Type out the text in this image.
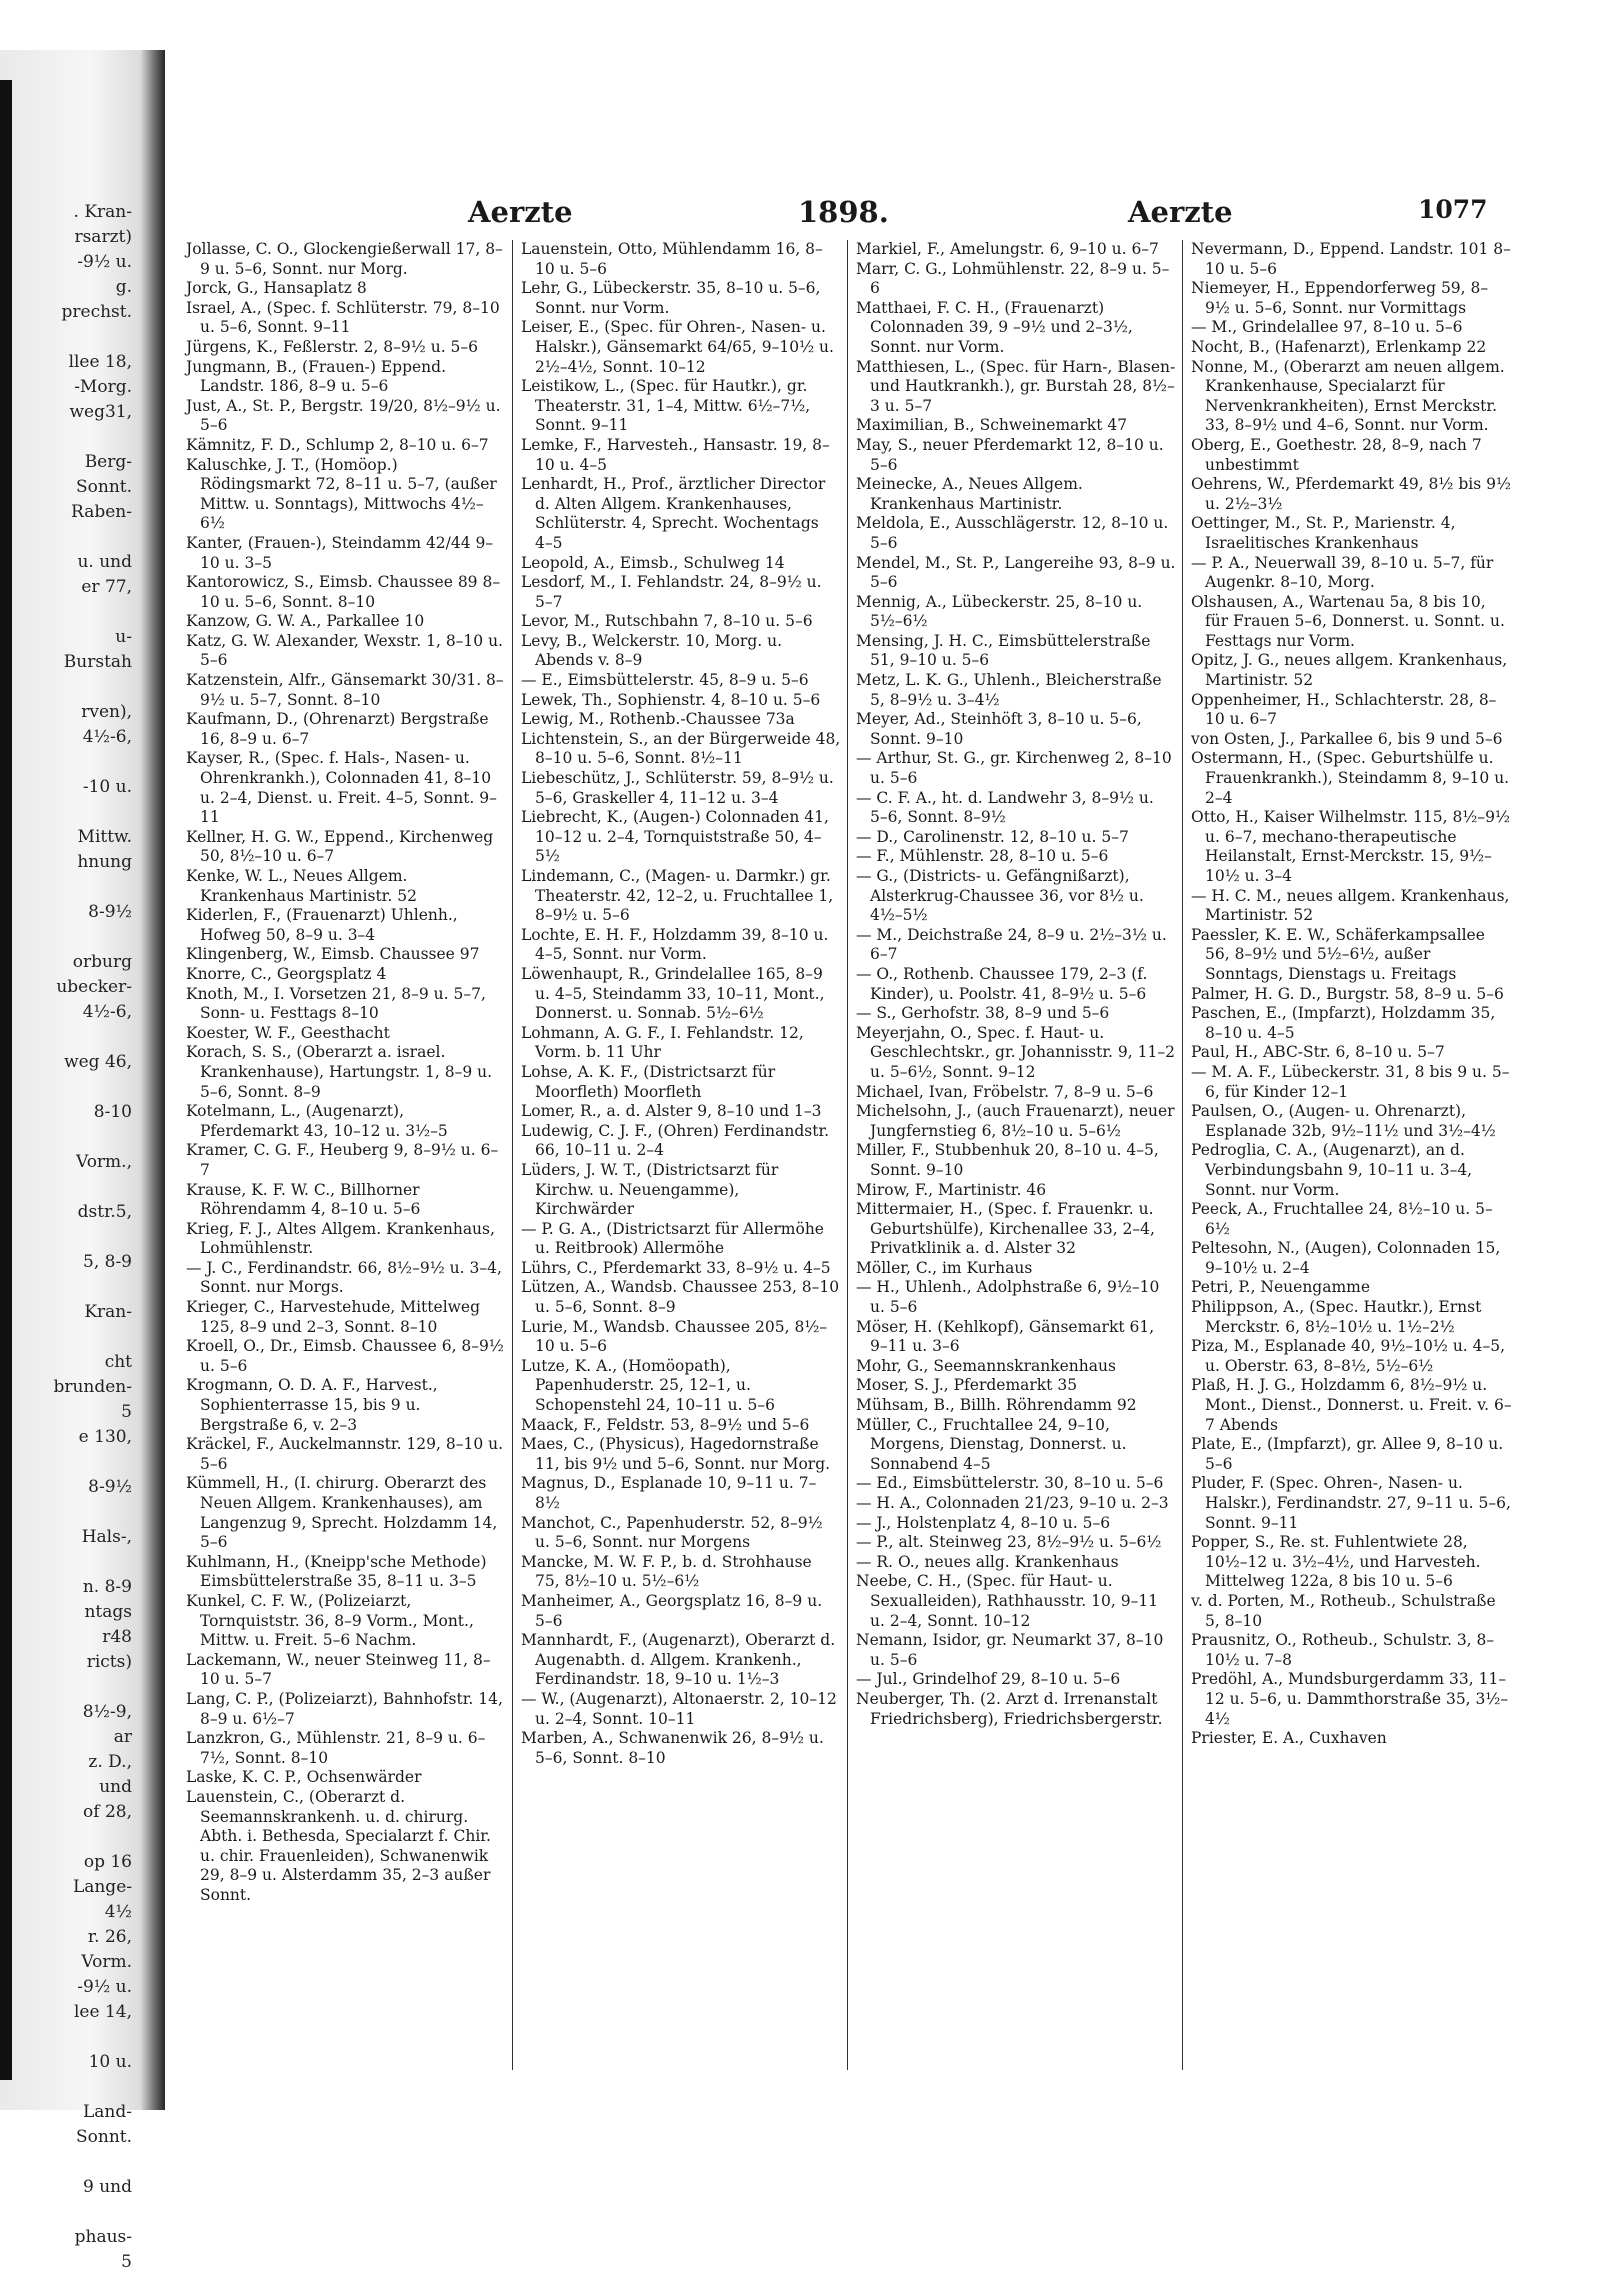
. Kran-
rsarzt)
-9½ u.
g.
prechst.

llee 18,
-Morg.
weg31,

Berg-
Sonnt.
Raben-

u. und
er 77,

u-
Burstah

rven),
4½-6,

-10 u.

Mittw.
hnung

8-9½

orburg
ubecker-
4½-6,

weg 46,

8-10

Vorm.,

dstr.5,

5, 8-9

Kran-

cht
brunden-
5
e 130,

8-9½

Hals-,

n. 8-9
ntags
r48
ricts)

8½-9,
ar
z. D.,
und
of 28,

op 16
Lange-
4½
r. 26,
Vorm.
-9½ u.
lee 14,

10 u.

Land-
Sonnt.

9 und

phaus-
5
Aerzte	1898.	Aerzte	1077
Jollasse, C. O., Glockengießerwall 17, 8–9 u. 5–6, Sonnt. nur Morg.
Jorck, G., Hansaplatz 8
Israel, A., (Spec. f. Schlüterstr. 79, 8–10 u. 5–6, Sonnt. 9–11
Jürgens, K., Feßlerstr. 2, 8–9½ u. 5–6
Jungmann, B., (Frauen-) Eppend. Landstr. 186, 8–9 u. 5–6
Just, A., St. P., Bergstr. 19/20, 8½–9½ u. 5–6
Kämnitz, F. D., Schlump 2, 8–10 u. 6–7
Kaluschke, J. T., (Homöop.) Rödingsmarkt 72, 8–11 u. 5–7, (außer Mittw. u. Sonntags), Mittwochs 4½–6½
Kanter, (Frauen-), Steindamm 42/44 9–10 u. 3–5
Kantorowicz, S., Eimsb. Chaussee 89 8–10 u. 5–6, Sonnt. 8–10
Kanzow, G. W. A., Parkallee 10
Katz, G. W. Alexander, Wexstr. 1, 8–10 u. 5–6
Katzenstein, Alfr., Gänsemarkt 30/31. 8–9½ u. 5–7, Sonnt. 8–10
Kaufmann, D., (Ohrenarzt) Bergstraße 16, 8–9 u. 6–7
Kayser, R., (Spec. f. Hals-, Nasen- u. Ohrenkrankh.), Colonnaden 41, 8–10 u. 2–4, Dienst. u. Freit. 4–5, Sonnt. 9–11
Kellner, H. G. W., Eppend., Kirchenweg 50, 8½–10 u. 6–7
Kenke, W. L., Neues Allgem. Krankenhaus Martinistr. 52
Kiderlen, F., (Frauenarzt) Uhlenh., Hofweg 50, 8–9 u. 3–4
Klingenberg, W., Eimsb. Chaussee 97
Knorre, C., Georgsplatz 4
Knoth, M., I. Vorsetzen 21, 8–9 u. 5–7, Sonn- u. Festtags 8–10
Koester, W. F., Geesthacht
Korach, S. S., (Oberarzt a. israel. Krankenhause), Hartungstr. 1, 8–9 u. 5–6, Sonnt. 8–9
Kotelmann, L., (Augenarzt), Pferdemarkt 43, 10–12 u. 3½–5
Kramer, C. G. F., Heuberg 9, 8–9½ u. 6–7
Krause, K. F. W. C., Billhorner Röhrendamm 4, 8–10 u. 5–6
Krieg, F. J., Altes Allgem. Krankenhaus, Lohmühlenstr.
— J. C., Ferdinandstr. 66, 8½–9½ u. 3–4, Sonnt. nur Morgs.
Krieger, C., Harvestehude, Mittelweg 125, 8–9 und 2–3, Sonnt. 8–10
Kroell, O., Dr., Eimsb. Chaussee 6, 8–9½ u. 5–6
Krogmann, O. D. A. F., Harvest., Sophienterrasse 15, bis 9 u. Bergstraße 6, v. 2–3
Kräckel, F., Auckelmannstr. 129, 8–10 u. 5–6
Kümmell, H., (I. chirurg. Oberarzt des Neuen Allgem. Krankenhauses), am Langenzug 9, Sprecht. Holzdamm 14, 5–6
Kuhlmann, H., (Kneipp'sche Methode) Eimsbüttelerstraße 35, 8–11 u. 3–5
Kunkel, C. F. W., (Polizeiarzt, Tornquiststr. 36, 8–9 Vorm., Mont., Mittw. u. Freit. 5–6 Nachm.
Lackemann, W., neuer Steinweg 11, 8–10 u. 5–7
Lang, C. P., (Polizeiarzt), Bahnhofstr. 14, 8–9 u. 6½–7
Lanzkron, G., Mühlenstr. 21, 8–9 u. 6–7½, Sonnt. 8–10
Laske, K. C. P., Ochsenwärder
Lauenstein, C., (Oberarzt d. Seemannskrankenh. u. d. chirurg. Abth. i. Bethesda, Specialarzt f. Chir. u. chir. Frauenleiden), Schwanenwik 29, 8–9 u. Alsterdamm 35, 2–3 außer Sonnt.
Lauenstein, Otto, Mühlendamm 16, 8–10 u. 5–6
Lehr, G., Lübeckerstr. 35, 8–10 u. 5–6, Sonnt. nur Vorm.
Leiser, E., (Spec. für Ohren-, Nasen- u. Halskr.), Gänsemarkt 64/65, 9–10½ u. 2½–4½, Sonnt. 10–12
Leistikow, L., (Spec. für Hautkr.), gr. Theaterstr. 31, 1–4, Mittw. 6½–7½, Sonnt. 9–11
Lemke, F., Harvesteh., Hansastr. 19, 8–10 u. 4–5
Lenhardt, H., Prof., ärztlicher Director d. Alten Allgem. Krankenhauses, Schlüterstr. 4, Sprecht. Wochentags 4–5
Leopold, A., Eimsb., Schulweg 14
Lesdorf, M., I. Fehlandstr. 24, 8–9½ u. 5–7
Levor, M., Rutschbahn 7, 8–10 u. 5–6
Levy, B., Welckerstr. 10, Morg. u. Abends v. 8–9
— E., Eimsbüttelerstr. 45, 8–9 u. 5–6
Lewek, Th., Sophienstr. 4, 8–10 u. 5–6
Lewig, M., Rothenb.-Chaussee 73a
Lichtenstein, S., an der Bürgerweide 48, 8–10 u. 5–6, Sonnt. 8½–11
Liebeschütz, J., Schlüterstr. 59, 8–9½ u. 5–6, Graskeller 4, 11–12 u. 3–4
Liebrecht, K., (Augen-) Colonnaden 41, 10–12 u. 2–4, Tornquiststraße 50, 4–5½
Lindemann, C., (Magen- u. Darmkr.) gr. Theaterstr. 42, 12–2, u. Fruchtallee 1, 8–9½ u. 5–6
Lochte, E. H. F., Holzdamm 39, 8–10 u. 4–5, Sonnt. nur Vorm.
Löwenhaupt, R., Grindelallee 165, 8–9 u. 4–5, Steindamm 33, 10–11, Mont., Donnerst. u. Sonnab. 5½–6½
Lohmann, A. G. F., I. Fehlandstr. 12, Vorm. b. 11 Uhr
Lohse, A. K. F., (Districtsarzt für Moorfleth) Moorfleth
Lomer, R., a. d. Alster 9, 8–10 und 1–3
Ludewig, C. J. F., (Ohren) Ferdinandstr. 66, 10–11 u. 2–4
Lüders, J. W. T., (Districtsarzt für Kirchw. u. Neuengamme), Kirchwärder
— P. G. A., (Districtsarzt für Allermöhe u. Reitbrook) Allermöhe
Lührs, C., Pferdemarkt 33, 8–9½ u. 4–5
Lützen, A., Wandsb. Chaussee 253, 8–10 u. 5–6, Sonnt. 8–9
Lurie, M., Wandsb. Chaussee 205, 8½–10 u. 5–6
Lutze, K. A., (Homöopath), Papenhuderstr. 25, 12–1, u. Schopenstehl 24, 10–11 u. 5–6
Maack, F., Feldstr. 53, 8–9½ und 5–6
Maes, C., (Physicus), Hagedornstraße 11, bis 9½ und 5–6, Sonnt. nur Morg.
Magnus, D., Esplanade 10, 9–11 u. 7–8½
Manchot, C., Papenhuderstr. 52, 8–9½ u. 5–6, Sonnt. nur Morgens
Mancke, M. W. F. P., b. d. Strohhause 75, 8½–10 u. 5½–6½
Manheimer, A., Georgsplatz 16, 8–9 u. 5–6
Mannhardt, F., (Augenarzt), Oberarzt d. Augenabth. d. Allgem. Krankenh., Ferdinandstr. 18, 9–10 u. 1½–3
— W., (Augenarzt), Altonaerstr. 2, 10–12 u. 2–4, Sonnt. 10–11
Marben, A., Schwanenwik 26, 8–9½ u. 5–6, Sonnt. 8–10
Markiel, F., Amelungstr. 6, 9–10 u. 6–7
Marr, C. G., Lohmühlenstr. 22, 8–9 u. 5–6
Matthaei, F. C. H., (Frauenarzt) Colonnaden 39, 9 –9½ und 2–3½, Sonnt. nur Vorm.
Matthiesen, L., (Spec. für Harn-, Blasen- und Hautkrankh.), gr. Burstah 28, 8½–3 u. 5–7
Maximilian, B., Schweinemarkt 47
May, S., neuer Pferdemarkt 12, 8–10 u. 5–6
Meinecke, A., Neues Allgem. Krankenhaus Martinistr.
Meldola, E., Ausschlägerstr. 12, 8–10 u. 5–6
Mendel, M., St. P., Langereihe 93, 8–9 u. 5–6
Mennig, A., Lübeckerstr. 25, 8–10 u. 5½–6½
Mensing, J. H. C., Eimsbüttelerstraße 51, 9–10 u. 5–6
Metz, L. K. G., Uhlenh., Bleicherstraße 5, 8–9½ u. 3–4½
Meyer, Ad., Steinhöft 3, 8–10 u. 5–6, Sonnt. 9–10
— Arthur, St. G., gr. Kirchenweg 2, 8–10 u. 5–6
— C. F. A., ht. d. Landwehr 3, 8–9½ u. 5–6, Sonnt. 8–9½
— D., Carolinenstr. 12, 8–10 u. 5–7
— F., Mühlenstr. 28, 8–10 u. 5–6
— G., (Districts- u. Gefängnißarzt), Alsterkrug-Chaussee 36, vor 8½ u. 4½–5½
— M., Deichstraße 24, 8–9 u. 2½–3½ u. 6–7
— O., Rothenb. Chaussee 179, 2–3 (f. Kinder), u. Poolstr. 41, 8–9½ u. 5–6
— S., Gerhofstr. 38, 8–9 und 5–6
Meyerjahn, O., Spec. f. Haut- u. Geschlechtskr., gr. Johannisstr. 9, 11–2 u. 5–6½, Sonnt. 9–12
Michael, Ivan, Fröbelstr. 7, 8–9 u. 5–6
Michelsohn, J., (auch Frauenarzt), neuer Jungfernstieg 6, 8½–10 u. 5–6½
Miller, F., Stubbenhuk 20, 8–10 u. 4–5, Sonnt. 9–10
Mirow, F., Martinistr. 46
Mittermaier, H., (Spec. f. Frauenkr. u. Geburtshülfe), Kirchenallee 33, 2–4, Privatklinik a. d. Alster 32
Möller, C., im Kurhaus
— H., Uhlenh., Adolphstraße 6, 9½–10 u. 5–6
Möser, H. (Kehlkopf), Gänsemarkt 61, 9–11 u. 3–6
Mohr, G., Seemannskrankenhaus
Moser, S. J., Pferdemarkt 35
Mühsam, B., Billh. Röhrendamm 92
Müller, C., Fruchtallee 24, 9–10, Morgens, Dienstag, Donnerst. u. Sonnabend 4–5
— Ed., Eimsbüttelerstr. 30, 8–10 u. 5–6
— H. A., Colonnaden 21/23, 9–10 u. 2–3
— J., Holstenplatz 4, 8–10 u. 5–6
— P., alt. Steinweg 23, 8½–9½ u. 5–6½
— R. O., neues allg. Krankenhaus
Neebe, C. H., (Spec. für Haut- u. Sexualleiden), Rathhausstr. 10, 9–11 u. 2–4, Sonnt. 10–12
Nemann, Isidor, gr. Neumarkt 37, 8–10 u. 5–6
— Jul., Grindelhof 29, 8–10 u. 5–6
Neuberger, Th. (2. Arzt d. Irrenanstalt Friedrichsberg), Friedrichsbergerstr.
Nevermann, D., Eppend. Landstr. 101 8–10 u. 5–6
Niemeyer, H., Eppendorferweg 59, 8–9½ u. 5–6, Sonnt. nur Vormittags
— M., Grindelallee 97, 8–10 u. 5–6
Nocht, B., (Hafenarzt), Erlenkamp 22
Nonne, M., (Oberarzt am neuen allgem. Krankenhause, Specialarzt für Nervenkrankheiten), Ernst Merckstr. 33, 8–9½ und 4–6, Sonnt. nur Vorm.
Oberg, E., Goethestr. 28, 8–9, nach 7 unbestimmt
Oehrens, W., Pferdemarkt 49, 8½ bis 9½ u. 2½–3½
Oettinger, M., St. P., Marienstr. 4, Israelitisches Krankenhaus
— P. A., Neuerwall 39, 8–10 u. 5–7, für Augenkr. 8–10, Morg.
Olshausen, A., Wartenau 5a, 8 bis 10, für Frauen 5–6, Donnerst. u. Sonnt. u. Festtags nur Vorm.
Opitz, J. G., neues allgem. Krankenhaus, Martinistr. 52
Oppenheimer, H., Schlachterstr. 28, 8–10 u. 6–7
von Osten, J., Parkallee 6, bis 9 und 5–6
Ostermann, H., (Spec. Geburtshülfe u. Frauenkrankh.), Steindamm 8, 9–10 u. 2–4
Otto, H., Kaiser Wilhelmstr. 115, 8½–9½ u. 6–7, mechano-therapeutische Heilanstalt, Ernst-Merckstr. 15, 9½–10½ u. 3–4
— H. C. M., neues allgem. Krankenhaus, Martinistr. 52
Paessler, K. E. W., Schäferkampsallee 56, 8–9½ und 5½–6½, außer Sonntags, Dienstags u. Freitags
Palmer, H. G. D., Burgstr. 58, 8–9 u. 5–6
Paschen, E., (Impfarzt), Holzdamm 35, 8–10 u. 4–5
Paul, H., ABC-Str. 6, 8–10 u. 5–7
— M. A. F., Lübeckerstr. 31, 8 bis 9 u. 5–6, für Kinder 12–1
Paulsen, O., (Augen- u. Ohrenarzt), Esplanade 32b, 9½–11½ und 3½–4½
Pedroglia, C. A., (Augenarzt), an d. Verbindungsbahn 9, 10–11 u. 3–4, Sonnt. nur Vorm.
Peeck, A., Fruchtallee 24, 8½–10 u. 5–6½
Peltesohn, N., (Augen), Colonnaden 15, 9–10½ u. 2–4
Petri, P., Neuengamme
Philippson, A., (Spec. Hautkr.), Ernst Merckstr. 6, 8½–10½ u. 1½–2½
Piza, M., Esplanade 40, 9½–10½ u. 4–5, u. Oberstr. 63, 8–8½, 5½–6½
Plaß, H. J. G., Holzdamm 6, 8½–9½ u. Mont., Dienst., Donnerst. u. Freit. v. 6–7 Abends
Plate, E., (Impfarzt), gr. Allee 9, 8–10 u. 5–6
Pluder, F. (Spec. Ohren-, Nasen- u. Halskr.), Ferdinandstr. 27, 9–11 u. 5–6, Sonnt. 9–11
Popper, S., Re. st. Fuhlentwiete 28, 10½–12 u. 3½–4½, und Harvesteh. Mittelweg 122a, 8 bis 10 u. 5–6
v. d. Porten, M., Rotheub., Schulstraße 5, 8–10
Prausnitz, O., Rotheub., Schulstr. 3, 8–10½ u. 7–8
Predöhl, A., Mundsburgerdamm 33, 11–12 u. 5–6, u. Dammthorstraße 35, 3½–4½
Priester, E. A., Cuxhaven
